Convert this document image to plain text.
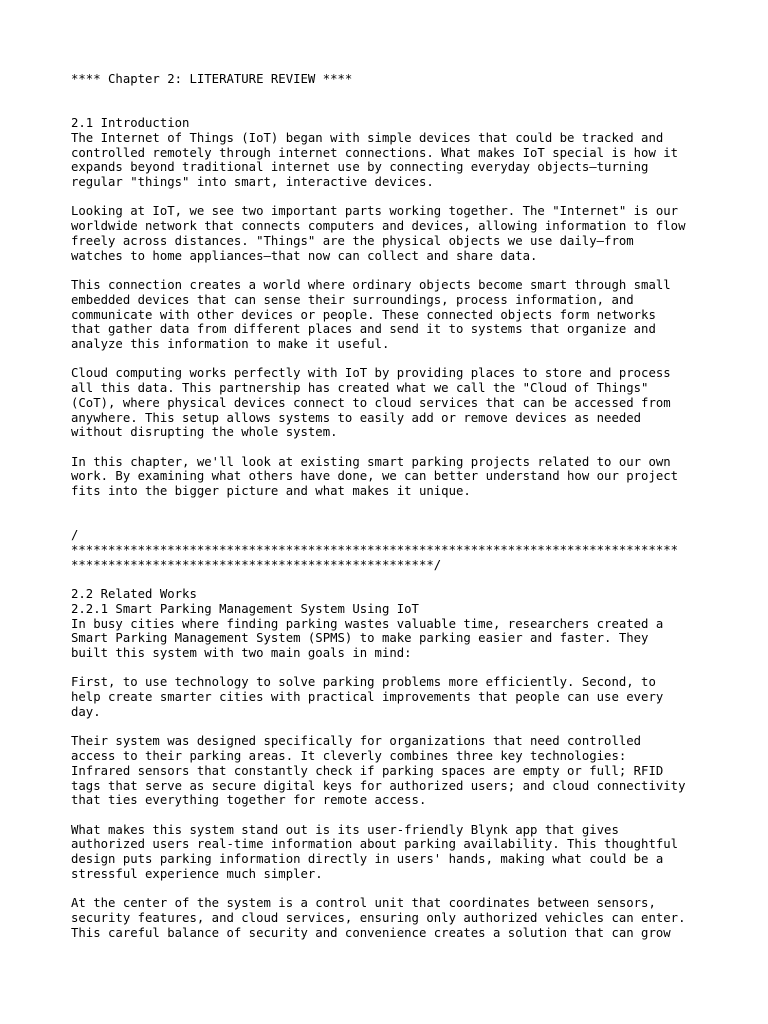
**** Chapter 2: LITERATURE REVIEW ****
2.1 Introduction
The Internet of Things (IoT) began with simple devices that could be tracked and
controlled remotely through internet connections. What makes IoT special is how it
expands beyond traditional internet use by connecting everyday objects—turning
regular "things" into smart, interactive devices.
Looking at IoT, we see two important parts working together. The "Internet" is our
worldwide network that connects computers and devices, allowing information to flow
freely across distances. "Things" are the physical objects we use daily—from
watches to home appliances—that now can collect and share data.
This connection creates a world where ordinary objects become smart through small
embedded devices that can sense their surroundings, process information, and
communicate with other devices or people. These connected objects form networks
that gather data from different places and send it to systems that organize and
analyze this information to make it useful.
Cloud computing works perfectly with IoT by providing places to store and process
all this data. This partnership has created what we call the "Cloud of Things"
(CoT), where physical devices connect to cloud services that can be accessed from
anywhere. This setup allows systems to easily add or remove devices as needed
without disrupting the whole system.
In this chapter, we'll look at existing smart parking projects related to our own
work. By examining what others have done, we can better understand how our project
fits into the bigger picture and what makes it unique.
/
**********************************************************************************
*************************************************/
2.2 Related Works
2.2.1 Smart Parking Management System Using IoT
In busy cities where finding parking wastes valuable time, researchers created a
Smart Parking Management System (SPMS) to make parking easier and faster. They
built this system with two main goals in mind:
First, to use technology to solve parking problems more efficiently. Second, to
help create smarter cities with practical improvements that people can use every
day.
Their system was designed specifically for organizations that need controlled
access to their parking areas. It cleverly combines three key technologies:
Infrared sensors that constantly check if parking spaces are empty or full; RFID
tags that serve as secure digital keys for authorized users; and cloud connectivity
that ties everything together for remote access.
What makes this system stand out is its user-friendly Blynk app that gives
authorized users real-time information about parking availability. This thoughtful
design puts parking information directly in users' hands, making what could be a
stressful experience much simpler.
At the center of the system is a control unit that coordinates between sensors,
security features, and cloud services, ensuring only authorized vehicles can enter.
This careful balance of security and convenience creates a solution that can grow
